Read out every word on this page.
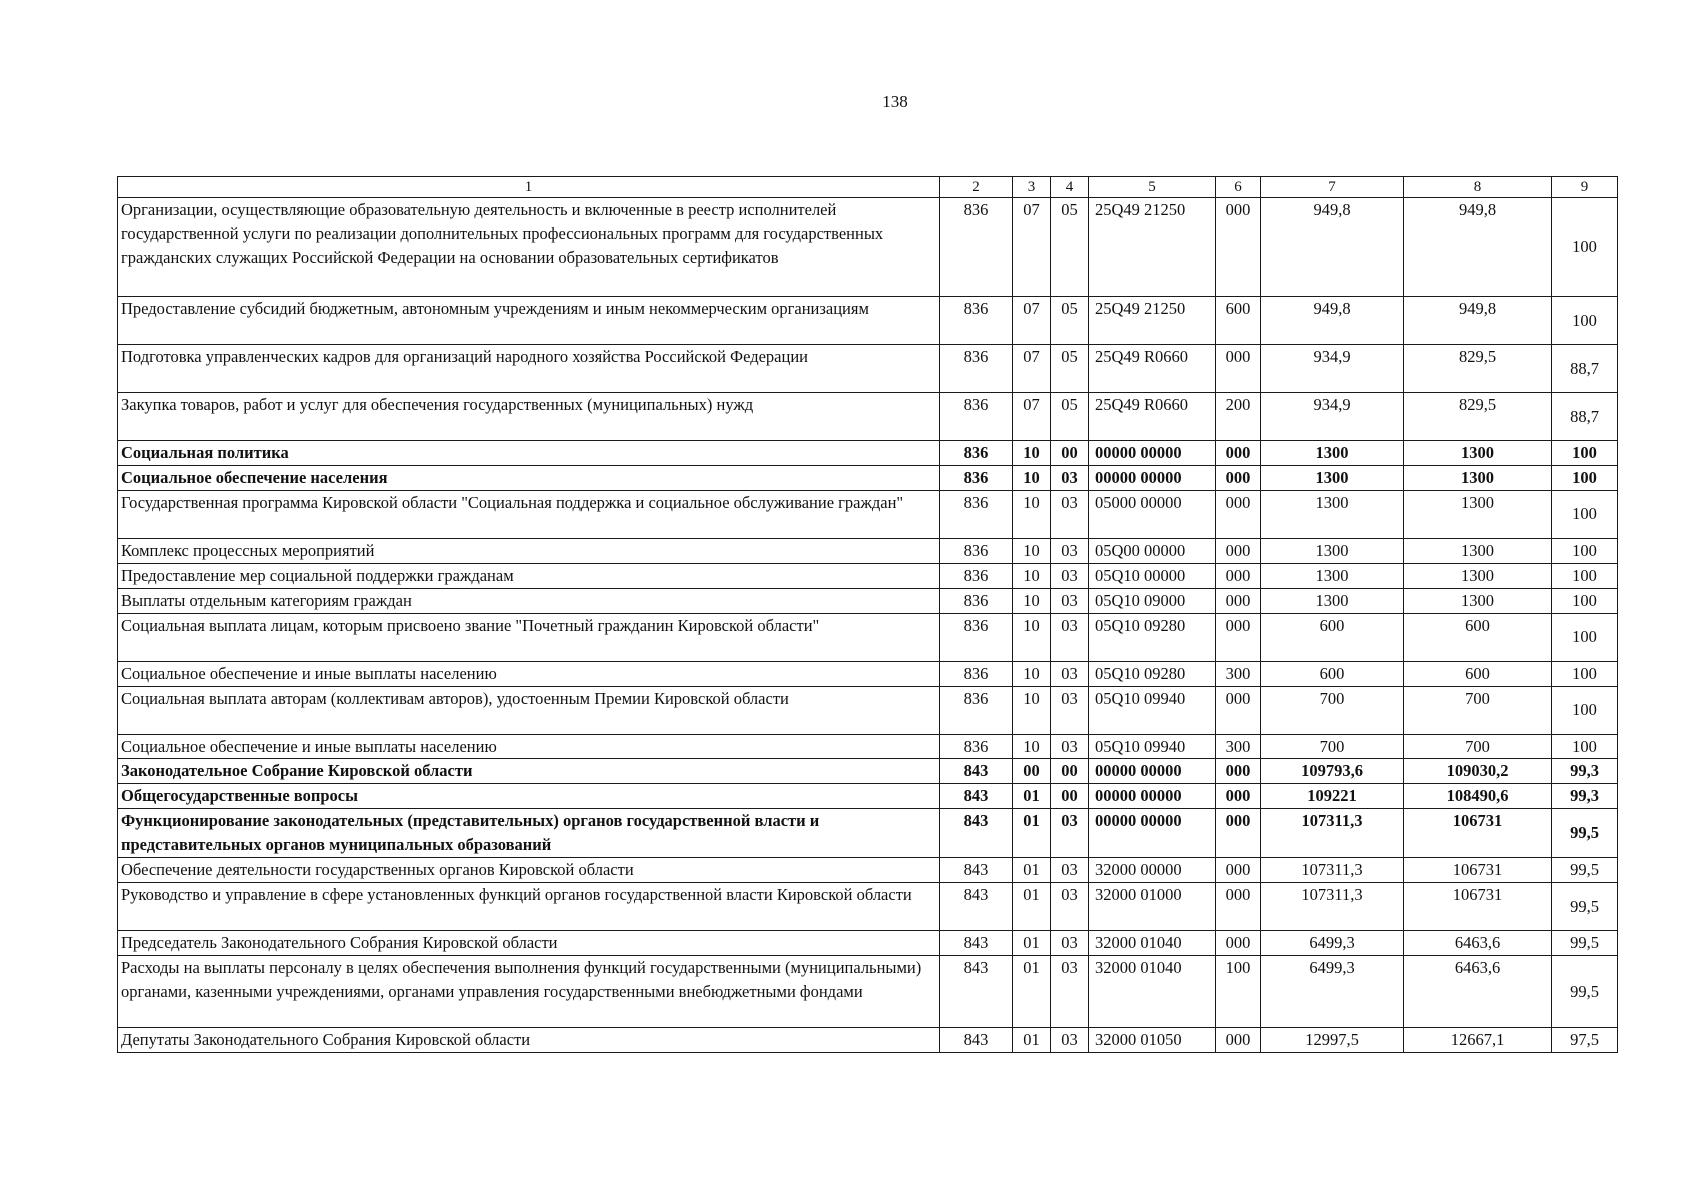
138
1	2	3	4	5	6	7	8	9
Организации, осуществляющие образовательную деятельность и включенные в реестр исполнителей государственной услуги по реализации дополнительных профессиональных программ для государственных гражданских служащих Российской Федерации на основании образовательных сертификатов	836	07	05	25Q49 21250	000	949,8	949,8	100
Предоставление субсидий бюджетным, автономным учреждениям и иным некоммерческим организациям	836	07	05	25Q49 21250	600	949,8	949,8	100
Подготовка управленческих кадров для организаций народного хозяйства Российской Федерации	836	07	05	25Q49 R0660	000	934,9	829,5	88,7
Закупка товаров, работ и услуг для обеспечения государственных (муниципальных) нужд	836	07	05	25Q49 R0660	200	934,9	829,5	88,7
Социальная политика	836	10	00	00000 00000	000	1300	1300	100
Социальное обеспечение населения	836	10	03	00000 00000	000	1300	1300	100
Государственная программа Кировской области "Социальная поддержка и социальное обслуживание граждан"	836	10	03	05000 00000	000	1300	1300	100
Комплекс процессных мероприятий	836	10	03	05Q00 00000	000	1300	1300	100
Предоставление мер социальной поддержки гражданам	836	10	03	05Q10 00000	000	1300	1300	100
Выплаты отдельным категориям граждан	836	10	03	05Q10 09000	000	1300	1300	100
Социальная выплата лицам, которым присвоено звание "Почетный гражданин Кировской области"	836	10	03	05Q10 09280	000	600	600	100
Социальное обеспечение и иные выплаты населению	836	10	03	05Q10 09280	300	600	600	100
Социальная выплата авторам (коллективам авторов), удостоенным Премии Кировской области	836	10	03	05Q10 09940	000	700	700	100
Социальное обеспечение и иные выплаты населению	836	10	03	05Q10 09940	300	700	700	100
Законодательное Собрание Кировской области	843	00	00	00000 00000	000	109793,6	109030,2	99,3
Общегосударственные вопросы	843	01	00	00000 00000	000	109221	108490,6	99,3
Функционирование законодательных (представительных) органов государственной власти и представительных органов муниципальных образований	843	01	03	00000 00000	000	107311,3	106731	99,5
Обеспечение деятельности государственных органов Кировской области	843	01	03	32000 00000	000	107311,3	106731	99,5
Руководство и управление в сфере установленных функций органов государственной власти Кировской области	843	01	03	32000 01000	000	107311,3	106731	99,5
Председатель Законодательного Собрания Кировской области	843	01	03	32000 01040	000	6499,3	6463,6	99,5
Расходы на выплаты персоналу в целях обеспечения выполнения функций государственными (муниципальными) органами, казенными учреждениями, органами управления государственными внебюджетными фондами	843	01	03	32000 01040	100	6499,3	6463,6	99,5
Депутаты Законодательного Собрания Кировской области	843	01	03	32000 01050	000	12997,5	12667,1	97,5
